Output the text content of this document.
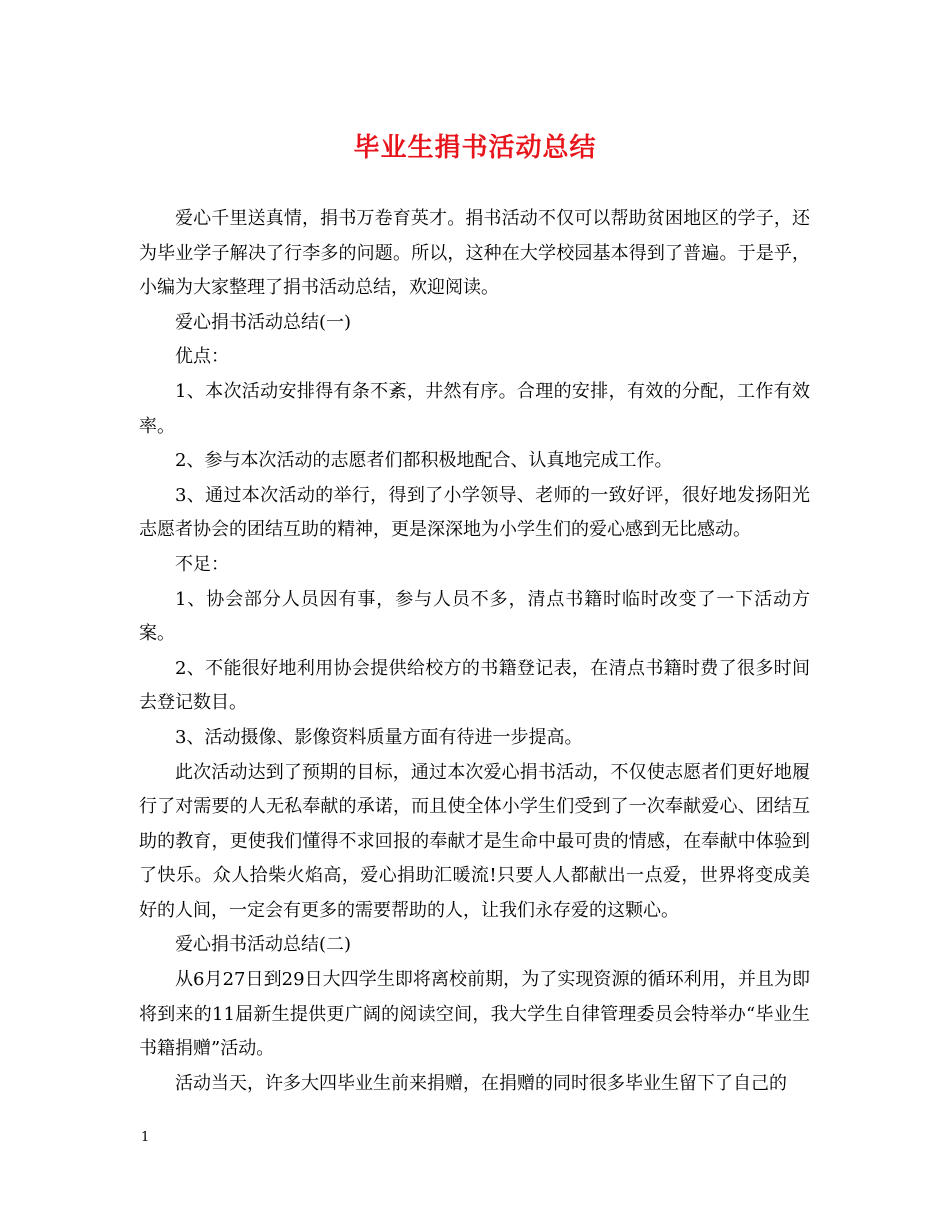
毕业生捐书活动总结

爱心千里送真情，捐书万卷育英才。捐书活动不仅可以帮助贫困地区的学子，还为毕业学子解决了行李多的问题。所以，这种在大学校园基本得到了普遍。于是乎，小编为大家整理了捐书活动总结，欢迎阅读。

爱心捐书活动总结(一)

优点：

1、本次活动安排得有条不紊，井然有序。合理的安排，有效的分配，工作有效率。

2、参与本次活动的志愿者们都积极地配合、认真地完成工作。

3、通过本次活动的举行，得到了小学领导、老师的一致好评，很好地发扬阳光志愿者协会的团结互助的精神，更是深深地为小学生们的爱心感到无比感动。

不足：

1、协会部分人员因有事，参与人员不多，清点书籍时临时改变了一下活动方案。

2、不能很好地利用协会提供给校方的书籍登记表，在清点书籍时费了很多时间去登记数目。

3、活动摄像、影像资料质量方面有待进一步提高。

此次活动达到了预期的目标，通过本次爱心捐书活动，不仅使志愿者们更好地履行了对需要的人无私奉献的承诺，而且使全体小学生们受到了一次奉献爱心、团结互助的教育，更使我们懂得不求回报的奉献才是生命中最可贵的情感，在奉献中体验到了快乐。众人拾柴火焰高，爱心捐助汇暖流!只要人人都献出一点爱，世界将变成美好的人间，一定会有更多的需要帮助的人，让我们永存爱的这颗心。

爱心捐书活动总结(二)

从6月27日到29日大四学生即将离校前期，为了实现资源的循环利用，并且为即将到来的11届新生提供更广阔的阅读空间，我大学生自律管理委员会特举办“毕业生书籍捐赠”活动。

活动当天，许多大四毕业生前来捐赠，在捐赠的同时很多毕业生留下了自己的

1
